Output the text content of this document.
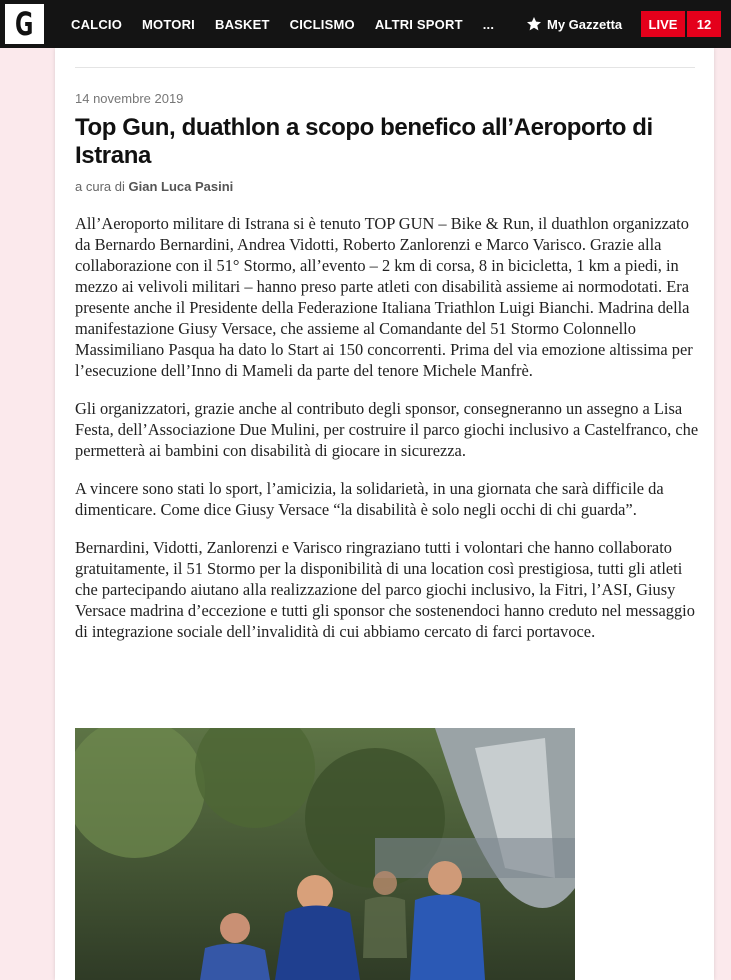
G	CALCIO	MOTORI	BASKET	CICLISMO	ALTRI SPORT	...	My Gazzetta	LIVE	12
14 novembre 2019
Top Gun, duathlon a scopo benefico all’Aeroporto di Istrana
a cura di Gian Luca Pasini

All’Aeroporto militare di Istrana si è tenuto TOP GUN – Bike & Run, il duathlon organizzato da Bernardo Bernardini, Andrea Vidotti, Roberto Zanlorenzi e Marco Varisco. Grazie alla collaborazione con il 51° Stormo, all’evento – 2 km di corsa, 8 in bicicletta, 1 km a piedi, in mezzo ai velivoli militari – hanno preso parte atleti con disabilità assieme ai normodotati. Era presente anche il Presidente della Federazione Italiana Triathlon Luigi Bianchi. Madrina della manifestazione Giusy Versace, che assieme al Comandante del 51 Stormo Colonnello Massimiliano Pasqua ha dato lo Start ai 150 concorrenti. Prima del via emozione altissima per l’esecuzione dell’Inno di Mameli da parte del tenore Michele Manfrè.

Gli organizzatori, grazie anche al contributo degli sponsor, consegneranno un assegno a Lisa Festa, dell’Associazione Due Mulini, per costruire il parco giochi inclusivo a Castelfranco, che permetterà ai bambini con disabilità di giocare in sicurezza.

A vincere sono stati lo sport, l’amicizia, la solidarietà, in una giornata che sarà difficile da dimenticare. Come dice Giusy Versace “la disabilità è solo negli occhi di chi guarda”.

Bernardini, Vidotti, Zanlorenzi e Varisco ringraziano tutti i volontari che hanno collaborato gratuitamente, il 51 Stormo per la disponibilità di una location così prestigiosa, tutti gli atleti che partecipando aiutano alla realizzazione del parco giochi inclusivo, la Fitri, l’ASI, Giusy Versace madrina d’eccezione e tutti gli sponsor che sostenendoci hanno creduto nel messaggio di integrazione sociale dell’invalidità di cui abbiamo cercato di farci portavoce.
